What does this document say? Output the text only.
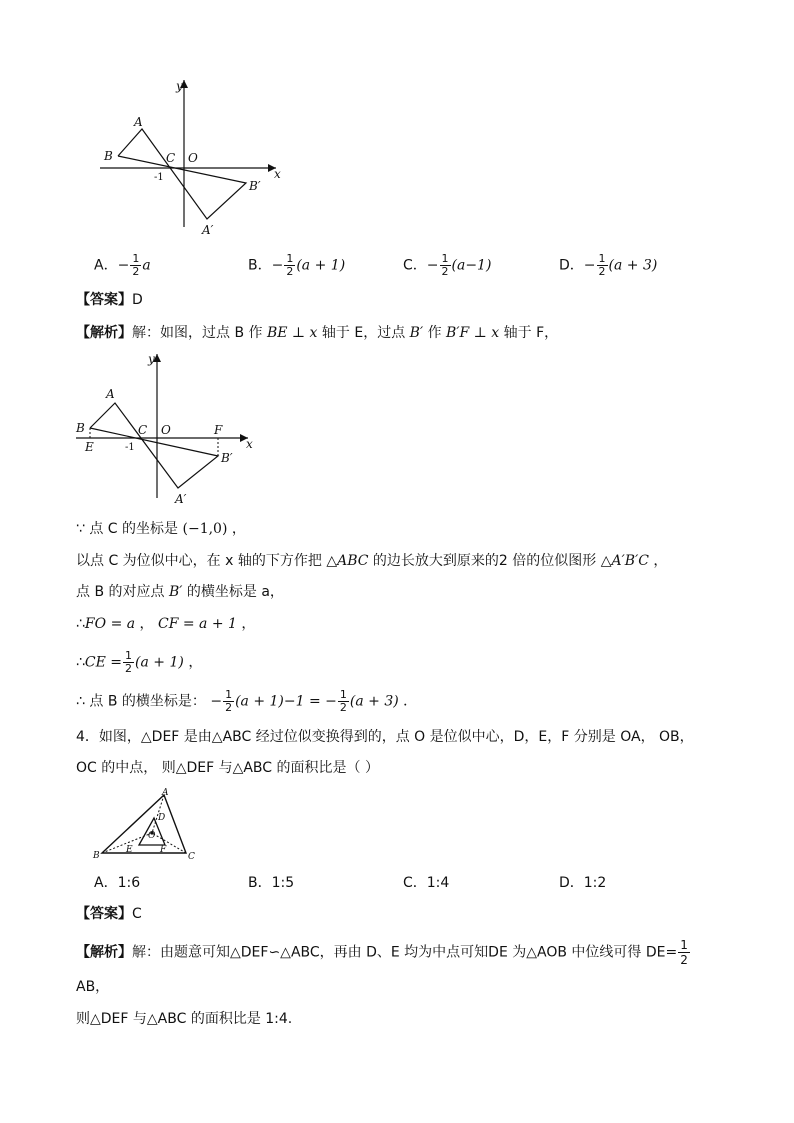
y
x
A
B	C O
-1
B′
A′
A．− $\frac{1}{2}$ a	B．− $\frac{1}{2} (a + 1)$	C．− $\frac{1}{2} (a-1)$	D．− $\frac{1}{2} (a + 3)$
【答案】D
【解析】解：如图，过点 B 作 BE ⊥ x 轴于 E，过点 B′ 作 B′F ⊥ x 轴于 F，
y
x
A
B	C O	F
E	-1
B′
A′
∵ 点 C 的坐标是 (−1,0) ，
以点 C 为位似中心，在 x 轴的下方作把 △ABC 的边长放大到原来的2 倍的位似图形 △A′B′C ，
点 B 的对应点 B′ 的横坐标是 a，
∴FO = a ， CF = a + 1 ，
∴CE = $\frac{1}{2} (a + 1)$ ，
∴ 点 B 的横坐标是： − $\frac{1}{2} (a + 1)-1$ = − $\frac{1}{2} (a + 3)$ ．
4．如图，△DEF 是由△ABC 经过位似变换得到的，点 O 是位似中心，D，E，F 分别是 OA， OB，
OC 的中点， 则△DEF 与△ABC 的面积比是（ ）
A
B	C
D
E	F
O
A．1:6	B．1:5	C．1:4	D．1:2
【答案】C
【解析】解：由题意可知△DEF∽△ABC，再由 D、E 均为中点可知DE 为△AOB 中位线可得 $DE= \frac{1}{2}$
AB，
则△DEF 与△ABC 的面积比是 1:4.
